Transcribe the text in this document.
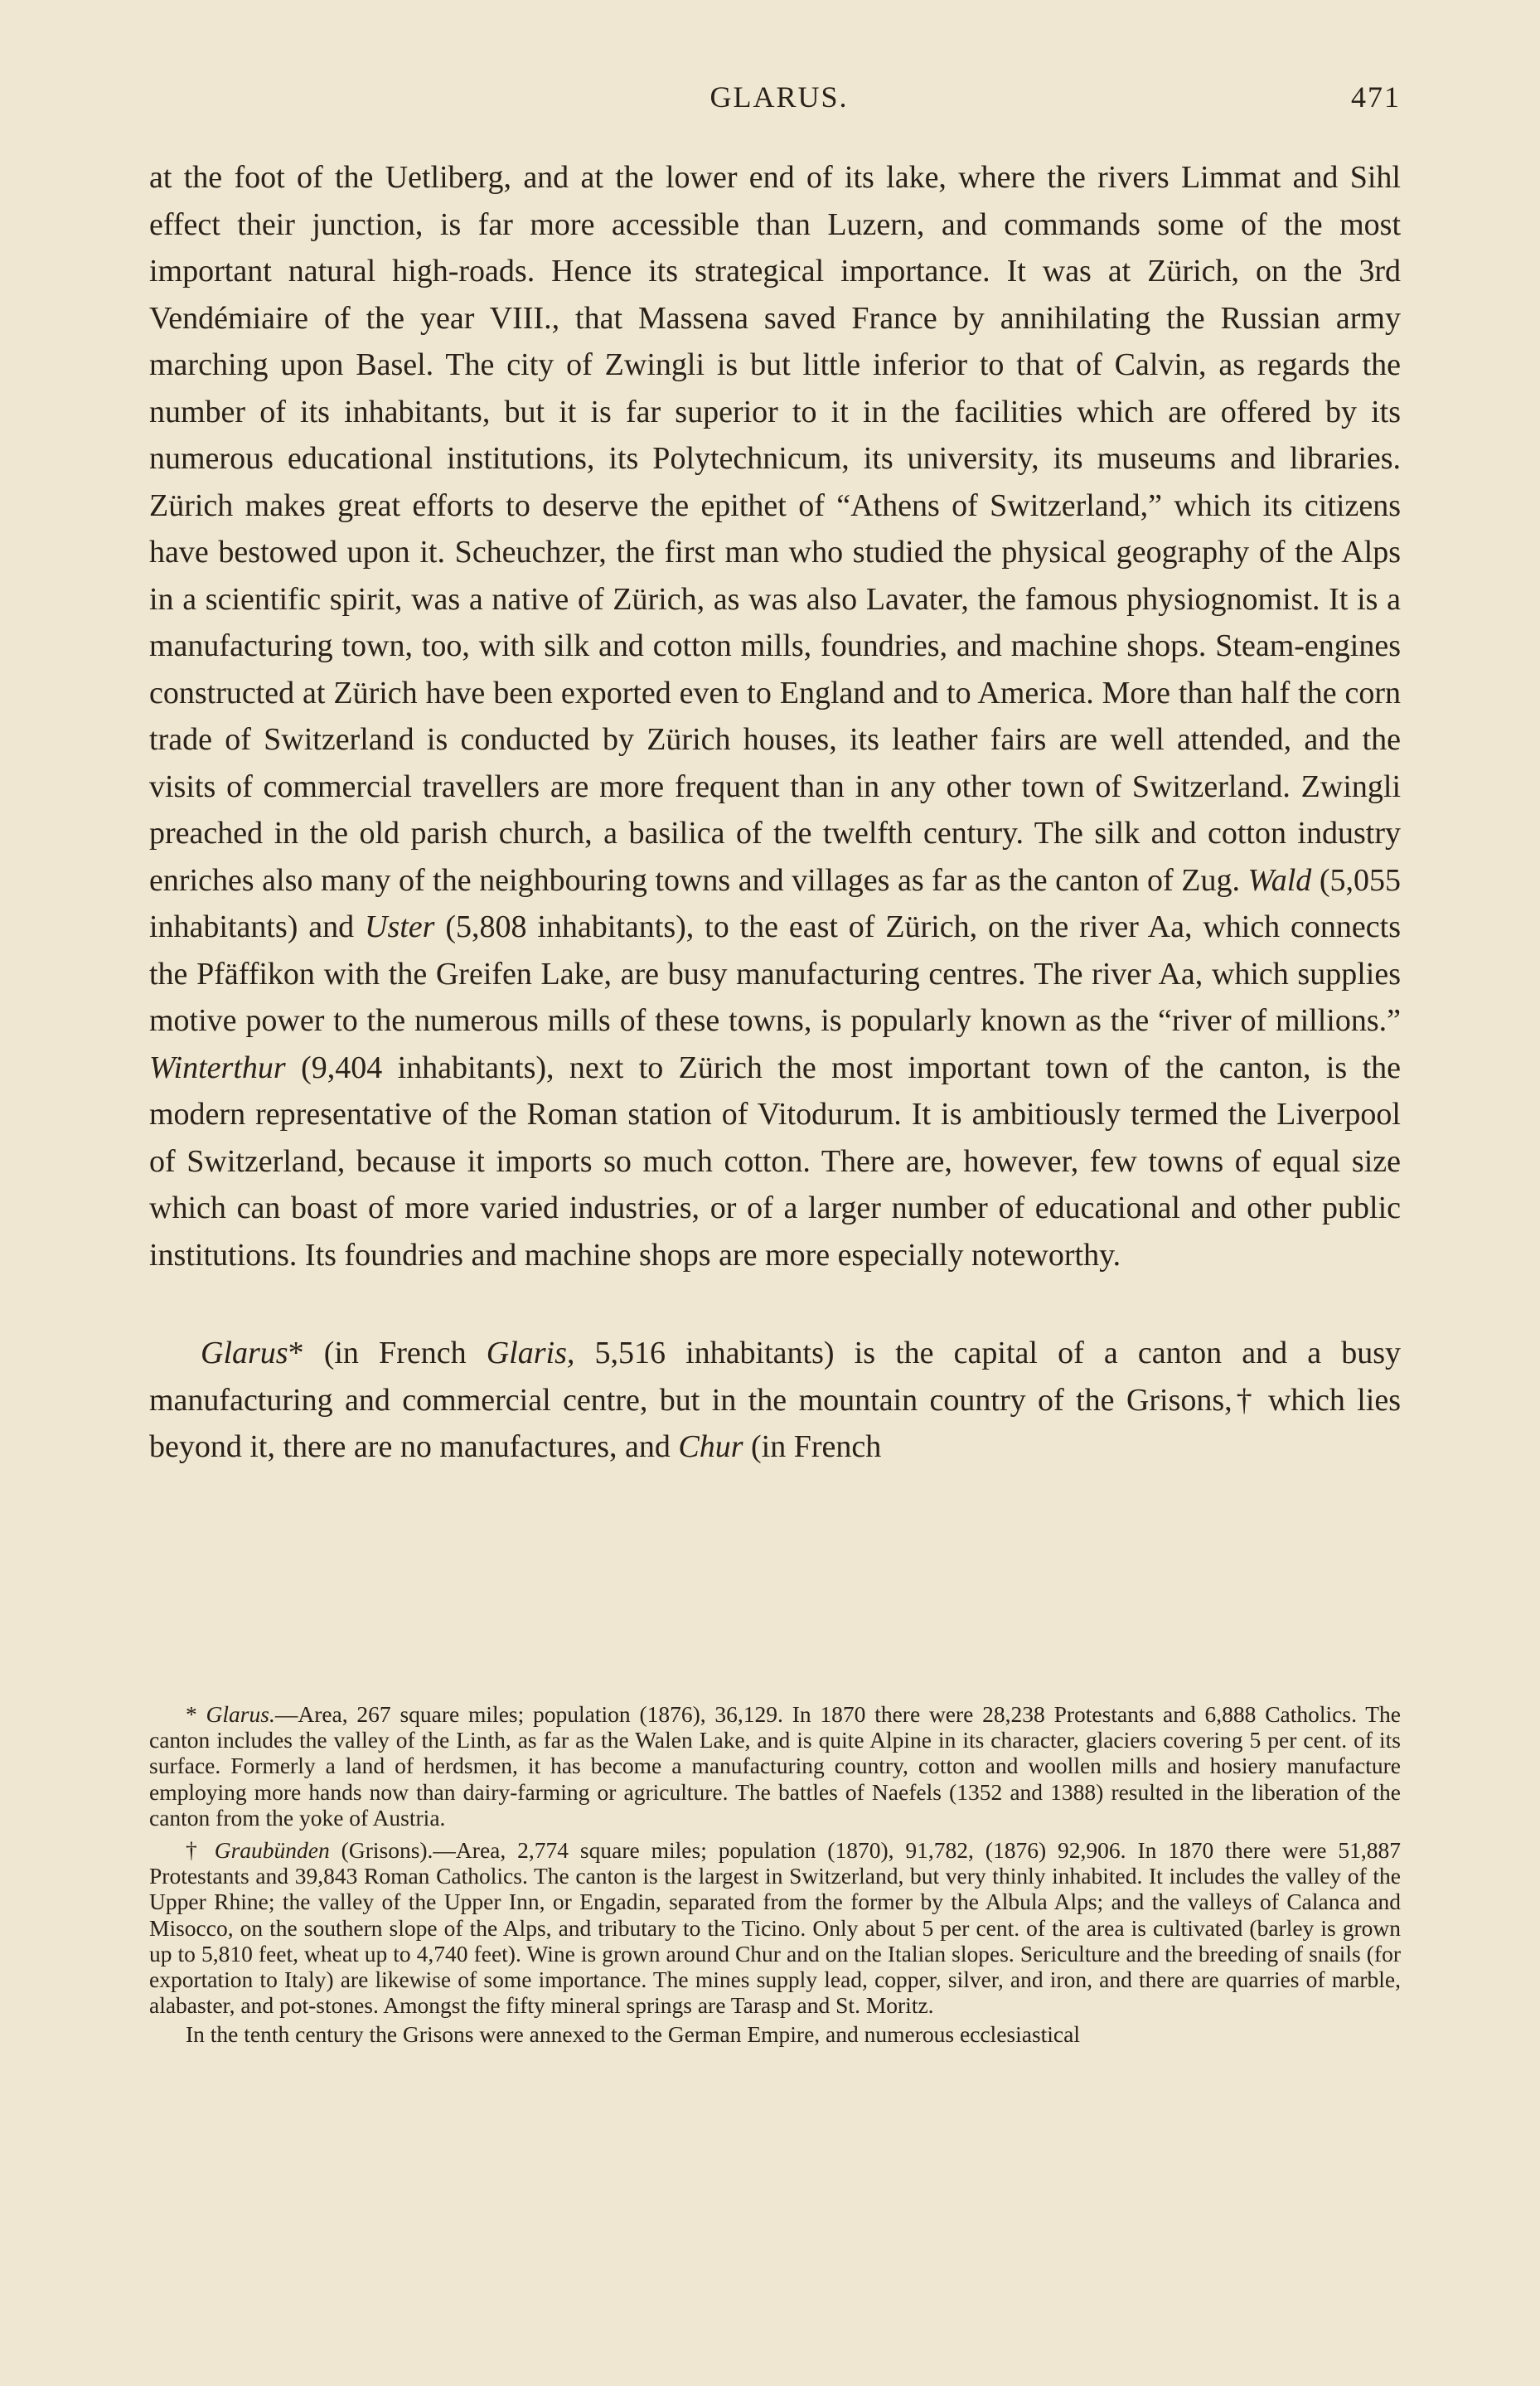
GLARUS.	471

at the foot of the Uetliberg, and at the lower end of its lake, where the rivers Limmat and Sihl effect their junction, is far more accessible than Luzern, and commands some of the most important natural high-roads. Hence its strategical importance. It was at Zürich, on the 3rd Vendémiaire of the year VIII., that Massena saved France by annihilating the Russian army marching upon Basel. The city of Zwingli is but little inferior to that of Calvin, as regards the number of its inhabitants, but it is far superior to it in the facilities which are offered by its numerous educational institutions, its Polytechnicum, its university, its museums and libraries. Zürich makes great efforts to deserve the epithet of “Athens of Switzerland,” which its citizens have bestowed upon it. Scheuchzer, the first man who studied the physical geography of the Alps in a scientific spirit, was a native of Zürich, as was also Lavater, the famous physiognomist. It is a manufacturing town, too, with silk and cotton mills, foundries, and machine shops. Steam-engines constructed at Zürich have been exported even to England and to America. More than half the corn trade of Switzerland is conducted by Zürich houses, its leather fairs are well attended, and the visits of commercial travellers are more frequent than in any other town of Switzerland. Zwingli preached in the old parish church, a basilica of the twelfth century. The silk and cotton industry enriches also many of the neighbouring towns and villages as far as the canton of Zug. Wald (5,055 inhabitants) and Uster (5,808 inhabitants), to the east of Zürich, on the river Aa, which connects the Pfäffikon with the Greifen Lake, are busy manufacturing centres. The river Aa, which supplies motive power to the numerous mills of these towns, is popularly known as the “river of millions.” Winterthur (9,404 inhabitants), next to Zürich the most important town of the canton, is the modern representative of the Roman station of Vitodurum. It is ambitiously termed the Liverpool of Switzerland, because it imports so much cotton. There are, however, few towns of equal size which can boast of more varied industries, or of a larger number of educational and other public institutions. Its foundries and machine shops are more especially noteworthy.

Glarus* (in French Glaris, 5,516 inhabitants) is the capital of a canton and a busy manufacturing and commercial centre, but in the mountain country of the Grisons,† which lies beyond it, there are no manufactures, and Chur (in French

* Glarus.—Area, 267 square miles; population (1876), 36,129. In 1870 there were 28,238 Protestants and 6,888 Catholics. The canton includes the valley of the Linth, as far as the Walen Lake, and is quite Alpine in its character, glaciers covering 5 per cent. of its surface. Formerly a land of herdsmen, it has become a manufacturing country, cotton and woollen mills and hosiery manufacture employing more hands now than dairy-farming or agriculture. The battles of Naefels (1352 and 1388) resulted in the liberation of the canton from the yoke of Austria.

† Graubünden (Grisons).—Area, 2,774 square miles; population (1870), 91,782, (1876) 92,906. In 1870 there were 51,887 Protestants and 39,843 Roman Catholics. The canton is the largest in Switzerland, but very thinly inhabited. It includes the valley of the Upper Rhine; the valley of the Upper Inn, or Engadin, separated from the former by the Albula Alps; and the valleys of Calanca and Misocco, on the southern slope of the Alps, and tributary to the Ticino. Only about 5 per cent. of the area is cultivated (barley is grown up to 5,810 feet, wheat up to 4,740 feet). Wine is grown around Chur and on the Italian slopes. Sericulture and the breeding of snails (for exportation to Italy) are likewise of some importance. The mines supply lead, copper, silver, and iron, and there are quarries of marble, alabaster, and pot-stones. Amongst the fifty mineral springs are Tarasp and St. Moritz.

In the tenth century the Grisons were annexed to the German Empire, and numerous ecclesiastical
